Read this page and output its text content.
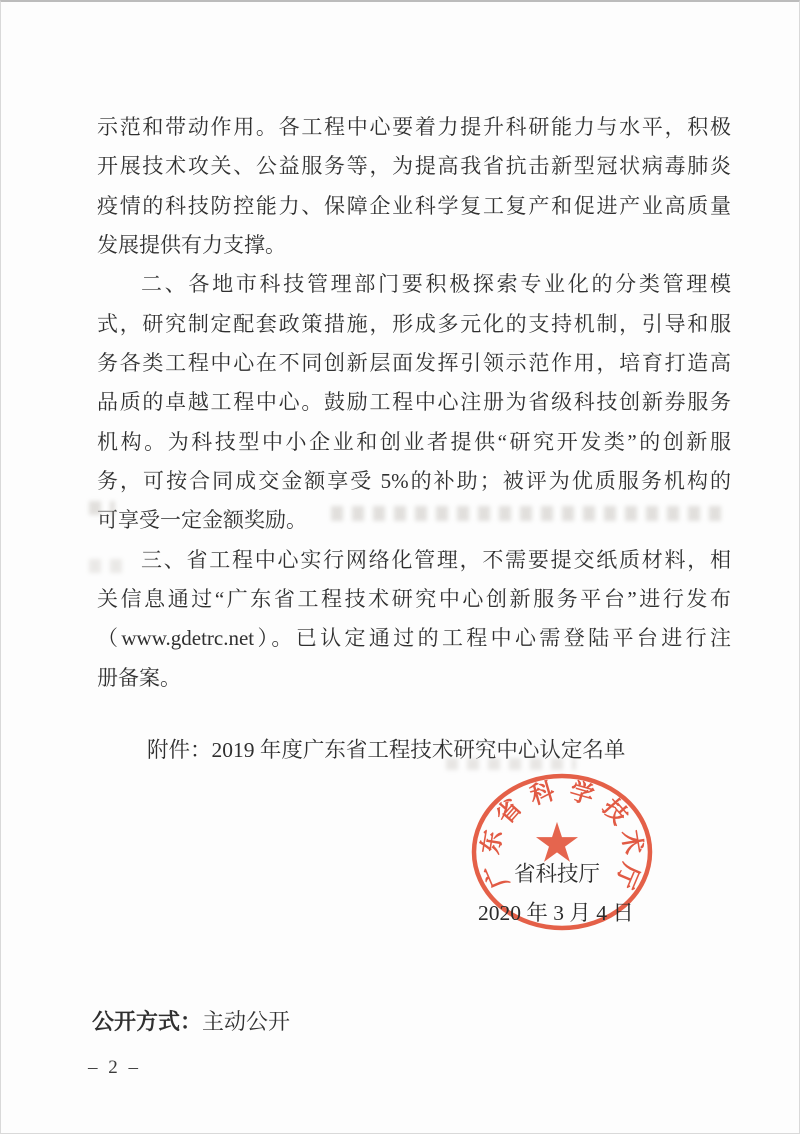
示范和带动作用。各工程中心要着力提升科研能力与水平，积极
开展技术攻关、公益服务等，为提高我省抗击新型冠状病毒肺炎
疫情的科技防控能力、保障企业科学复工复产和促进产业高质量
发展提供有力支撑。
二、各地市科技管理部门要积极探索专业化的分类管理模
式，研究制定配套政策措施，形成多元化的支持机制，引导和服
务各类工程中心在不同创新层面发挥引领示范作用，培育打造高
品质的卓越工程中心。鼓励工程中心注册为省级科技创新券服务
机构。为科技型中小企业和创业者提供“研究开发类”的创新服
务，可按合同成交金额享受 5%的补助；被评为优质服务机构的
可享受一定金额奖励。
三、省工程中心实行网络化管理，不需要提交纸质材料，相
关信息通过“广东省工程技术研究中心创新服务平台”进行发布
（www.gdetrc.net）。已认定通过的工程中心需登陆平台进行注
册备案。
附件：2019 年度广东省工程技术研究中心认定名单
广
东
省
科 学
技
术
厅
省科技厅
2020 年 3 月 4 日
公开方式：主动公开
– 2 –
